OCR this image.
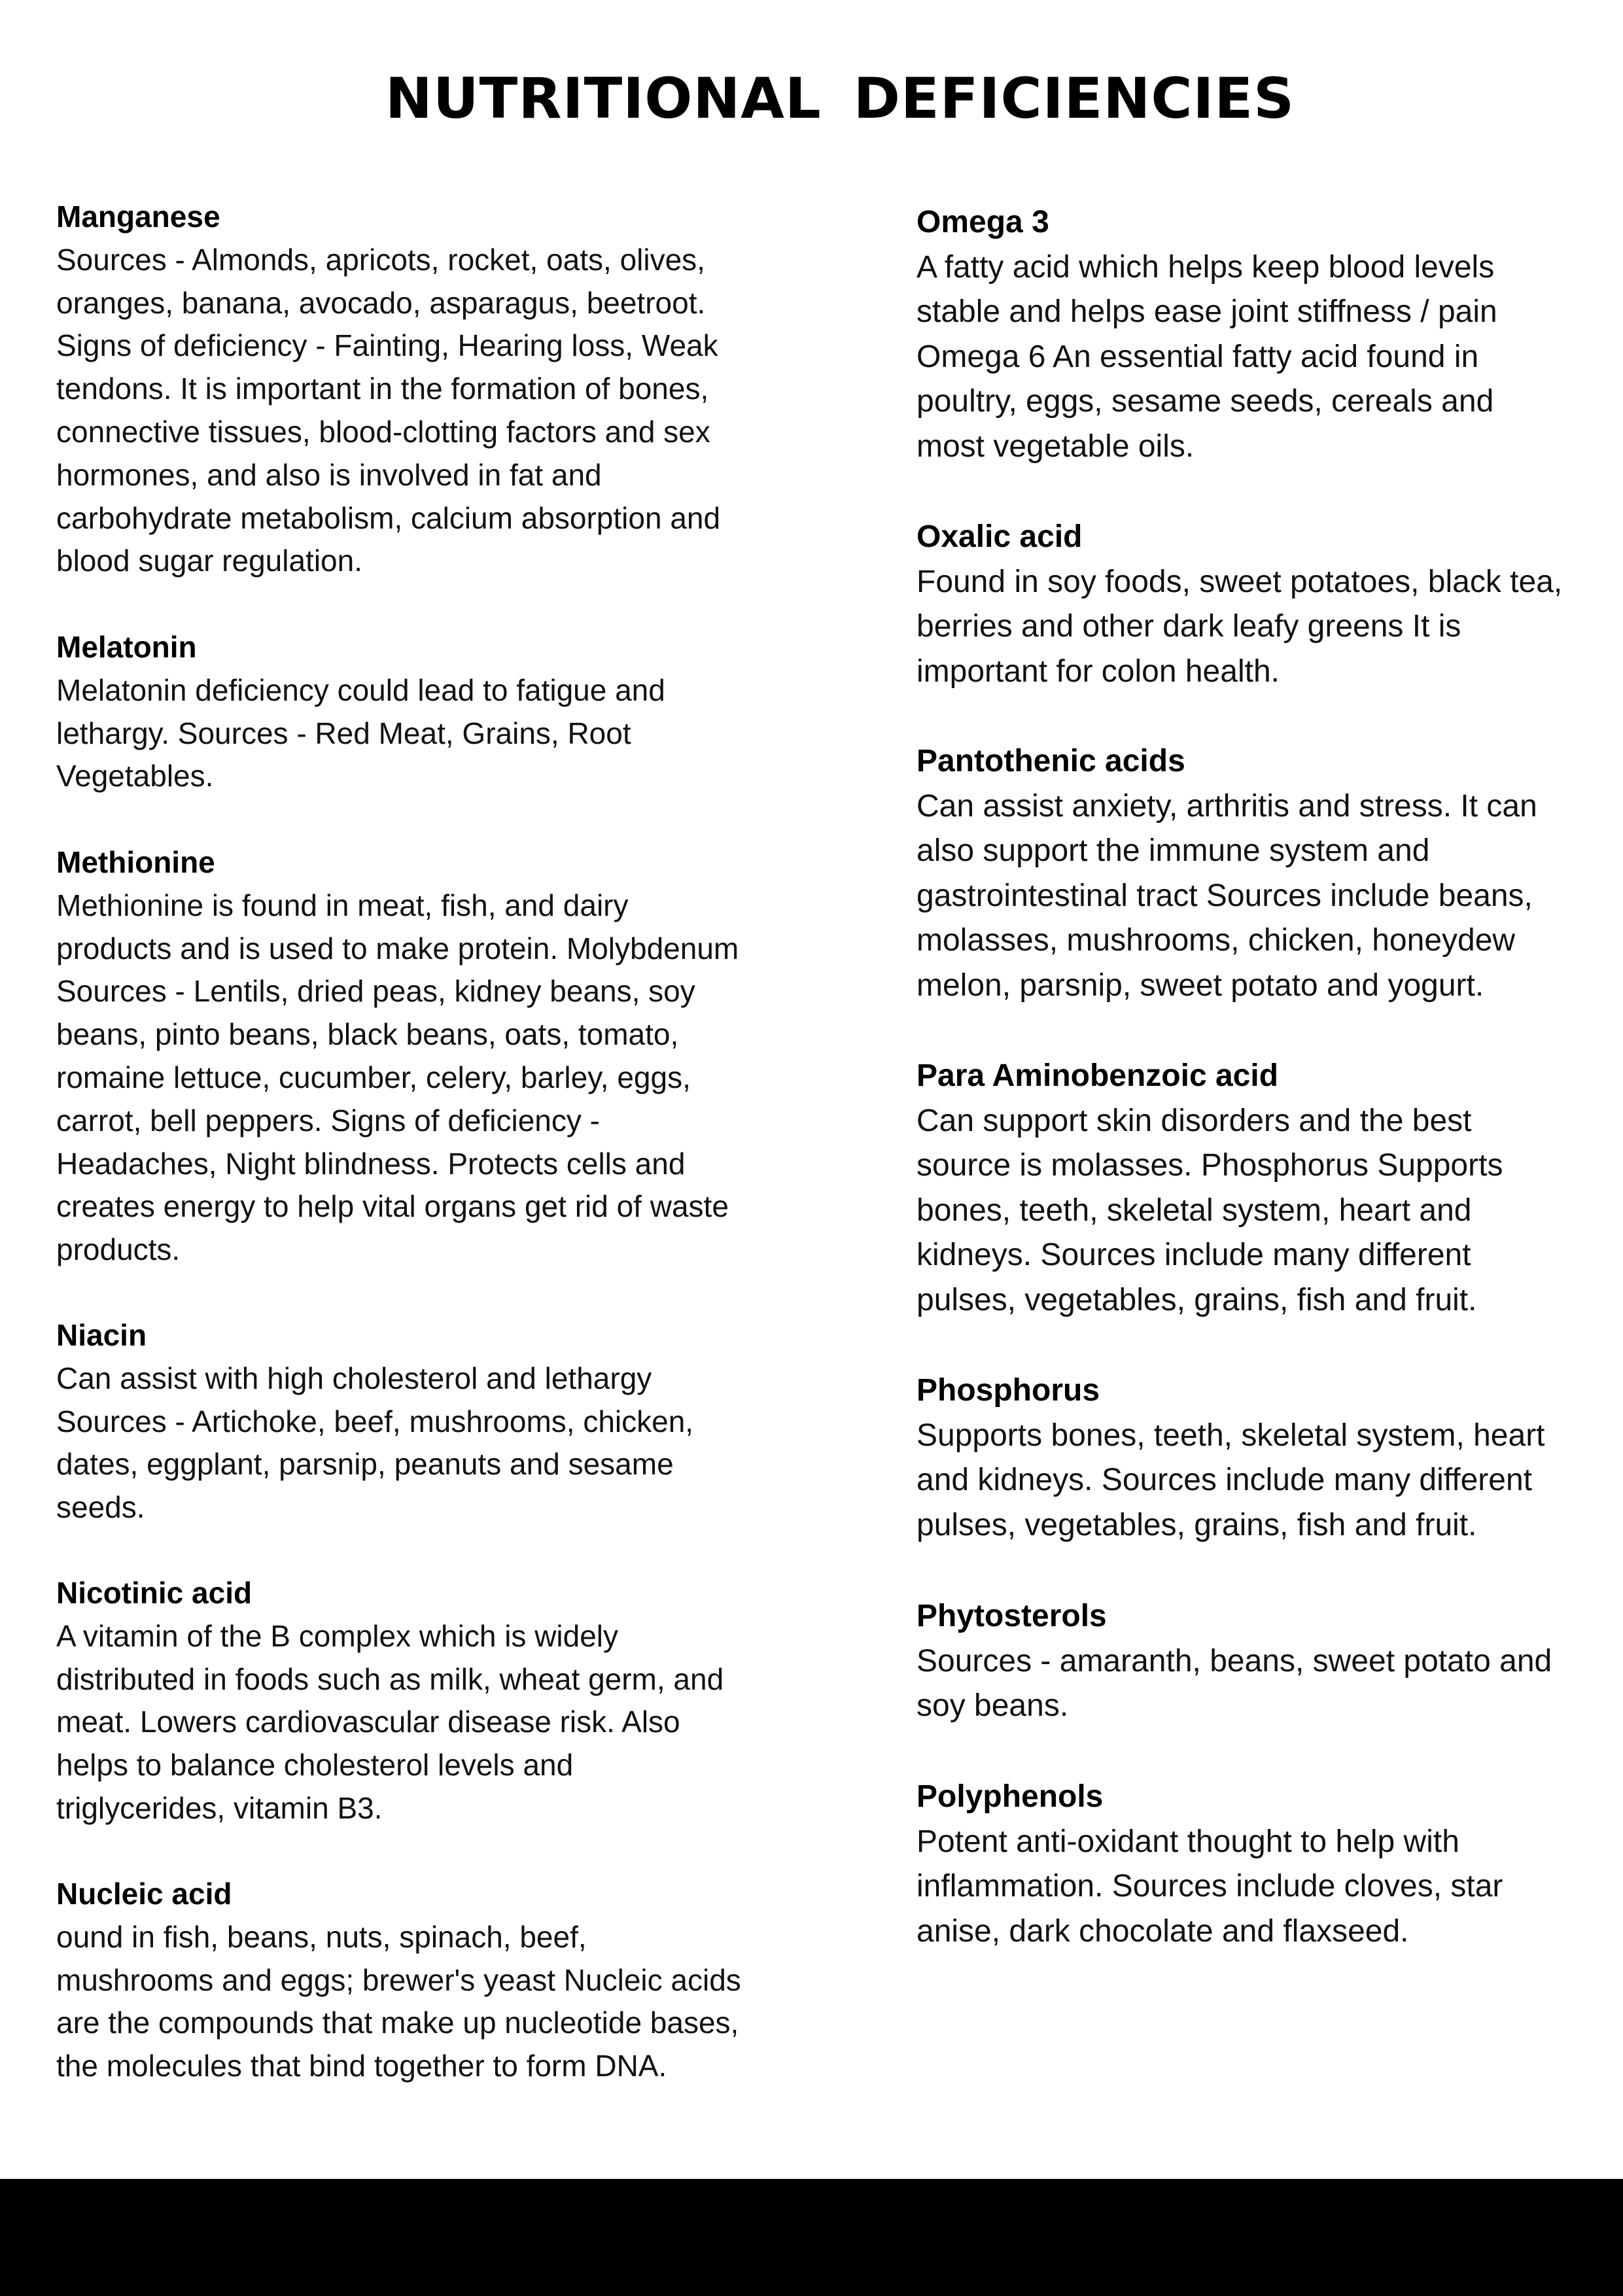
NUTRITIONAL DEFICIENCIES

Manganese

Sources - Almonds, apricots, rocket, oats, olives,
oranges, banana, avocado, asparagus, beetroot.
Signs of deficiency - Fainting, Hearing loss, Weak
tendons. It is important in the formation of bones,
connective tissues, blood-clotting factors and sex
hormones, and also is involved in fat and
carbohydrate metabolism, calcium absorption and
blood sugar regulation.

Melatonin

Melatonin deficiency could lead to fatigue and
lethargy. Sources - Red Meat, Grains, Root
Vegetables.

Methionine

Methionine is found in meat, fish, and dairy
products and is used to make protein. Molybdenum
Sources - Lentils, dried peas, kidney beans, soy
beans, pinto beans, black beans, oats, tomato,
romaine lettuce, cucumber, celery, barley, eggs,
carrot, bell peppers. Signs of deficiency -
Headaches, Night blindness. Protects cells and
creates energy to help vital organs get rid of waste
products.

Niacin

Can assist with high cholesterol and lethargy
Sources - Artichoke, beef, mushrooms, chicken,
dates, eggplant, parsnip, peanuts and sesame
seeds.

Nicotinic acid

A vitamin of the B complex which is widely
distributed in foods such as milk, wheat germ, and
meat. Lowers cardiovascular disease risk. Also
helps to balance cholesterol levels and
triglycerides, vitamin B3.

Nucleic acid

ound in fish, beans, nuts, spinach, beef,
mushrooms and eggs; brewer's yeast Nucleic acids
are the compounds that make up nucleotide bases,
the molecules that bind together to form DNA.

Omega 3

A fatty acid which helps keep blood levels
stable and helps ease joint stiffness / pain
Omega 6 An essential fatty acid found in
poultry, eggs, sesame seeds, cereals and
most vegetable oils.

Oxalic acid

Found in soy foods, sweet potatoes, black tea,
berries and other dark leafy greens It is
important for colon health.

Pantothenic acids

Can assist anxiety, arthritis and stress. It can
also support the immune system and
gastrointestinal tract Sources include beans,
molasses, mushrooms, chicken, honeydew
melon, parsnip, sweet potato and yogurt.

Para Aminobenzoic acid

Can support skin disorders and the best
source is molasses. Phosphorus Supports
bones, teeth, skeletal system, heart and
kidneys. Sources include many different
pulses, vegetables, grains, fish and fruit.

Phosphorus

Supports bones, teeth, skeletal system, heart
and kidneys. Sources include many different
pulses, vegetables, grains, fish and fruit.

Phytosterols

Sources - amaranth, beans, sweet potato and
soy beans.

Polyphenols

Potent anti-oxidant thought to help with
inflammation. Sources include cloves, star
anise, dark chocolate and flaxseed.
